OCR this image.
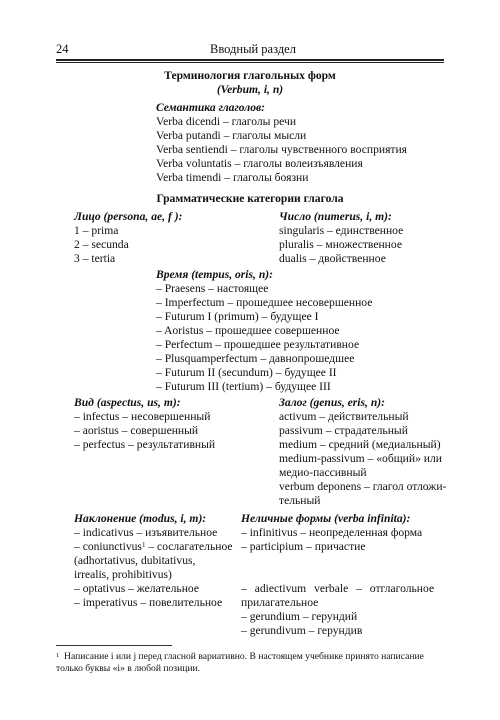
24	Вводный раздел
Терминология глагольных форм
(Verbum, i, n)
Семантика глаголов:
Verba dicendi – глаголы речи
Verba putandi – глаголы мысли
Verba sentiendi – глаголы чувственного восприятия
Verba voluntatis – глаголы волеизъявления
Verba timendi – глаголы боязни
Грамматические категории глагола
Лицо (persona, ae, f ):
1 – prima
2 – secunda
3 – tertia
Число (numerus, i, m):
singularis – единственное
pluralis – множественное
dualis – двойственное
Время (tempus, oris, n):
– Praesens – настоящее
– Imperfectum – прошедшее несовершенное
– Futurum I (primum) – будущее I
– Aoristus – прошедшее совершенное
– Perfectum – прошедшее результативное
– Plusquamperfectum – давнопрошедшее
– Futurum II (secundum) – будущее II
– Futurum III (tertium) – будущее III
Вид (aspectus, us, m):
– infectus – несовершенный
– aoristus – совершенный
– perfectus – результативный
Залог (genus, eris, n):
activum – действительный
passivum – страдательный
medium – средний (медиальный)
medium-passivum – «общий» или
медио-пассивный
verbum deponens – глагол отложи-
тельный
Наклонение (modus, i, m):
– indicativus – изъявительное
– coniunctivus$^1$ – сослагательное
(adhortativus, dubitativus,
irrealis, prohibitivus)
– optativus – желательное
– imperativus – повелительное
Неличные формы (verba infinita):
– infinitivus – неопределенная форма
– participium – причастие
– adiectivum verbale – отглагольное
прилагательное
– gerundium – герундий
– gerundivum – герундив
$^1$ Написание i или j перед гласной вариативно. В настоящем учебнике принято написание
только буквы «i» в любой позиции.
